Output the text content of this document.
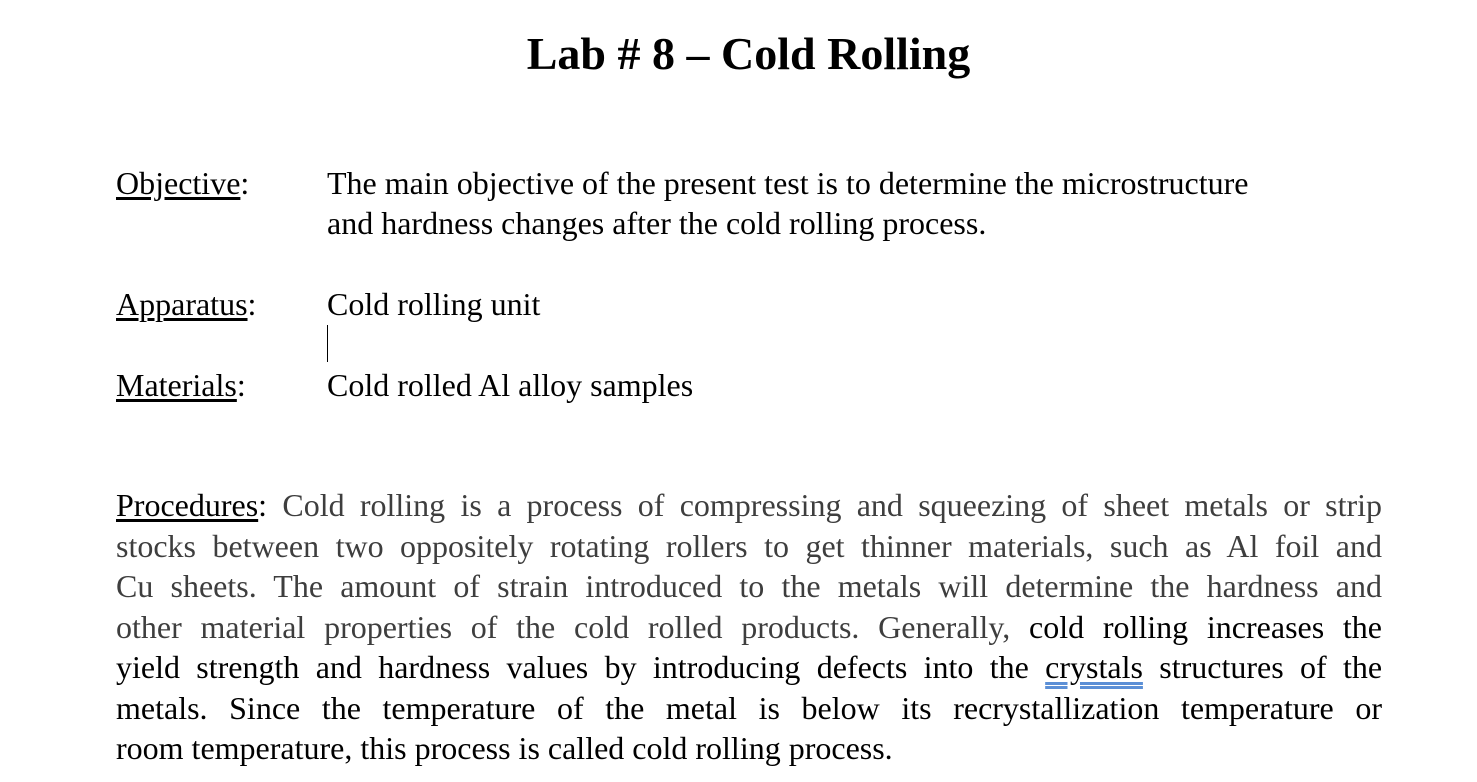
Lab # 8 – Cold Rolling
Objective: The main objective of the present test is to determine the microstructure
and hardness changes after the cold rolling process.
Apparatus: Cold rolling unit
Materials:	Cold rolled Al alloy samples
Procedures: Cold rolling is a process of compressing and squeezing of sheet metals or strip
stocks between two oppositely rotating rollers to get thinner materials, such as Al foil and
Cu sheets. The amount of strain introduced to the metals will determine the hardness and
other material properties of the cold rolled products. Generally, cold rolling increases the
yield strength and hardness values by introducing defects into the crystals structures of the
metals. Since the temperature of the metal is below its recrystallization temperature or
room temperature, this process is called cold rolling process.
